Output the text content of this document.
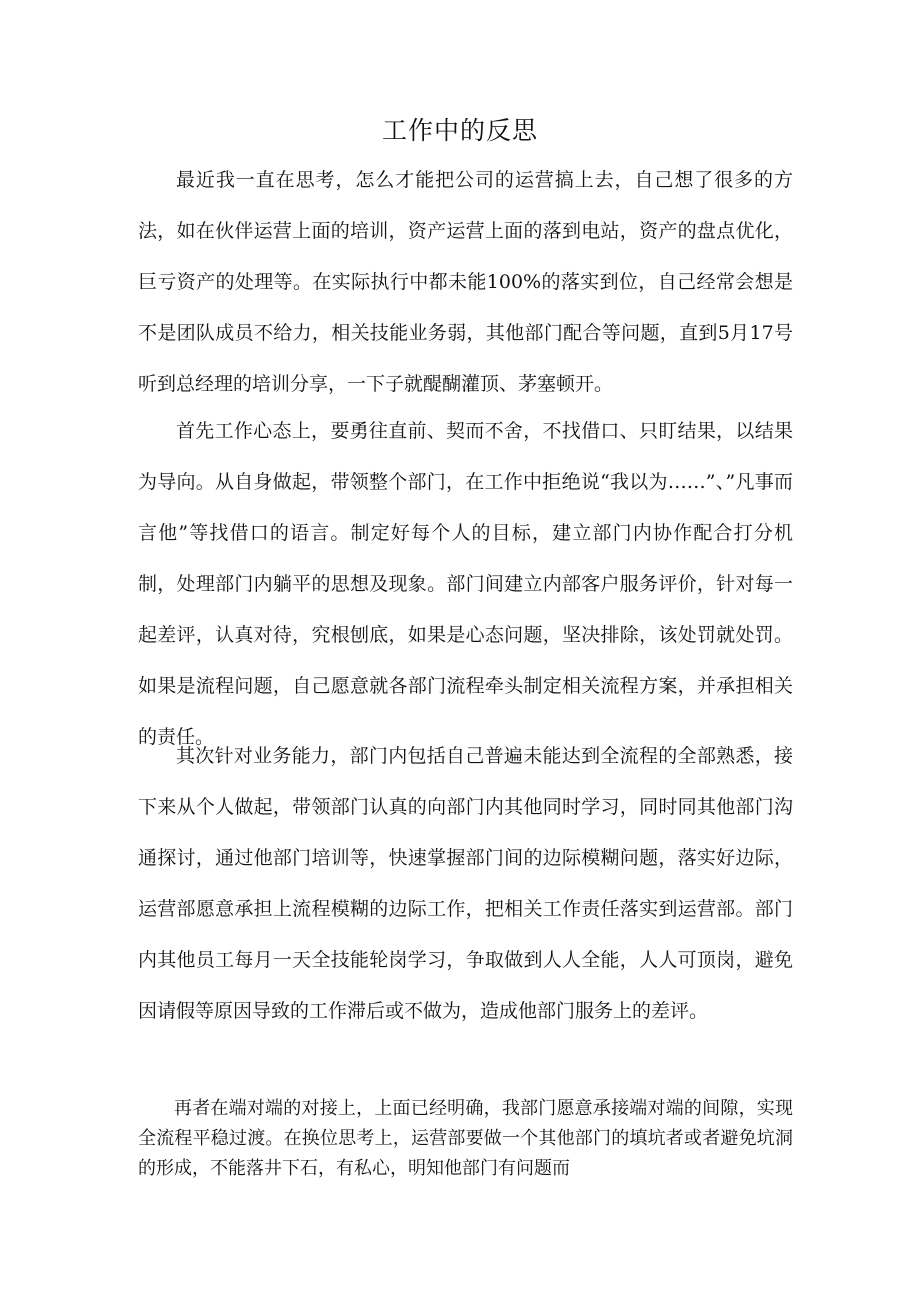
工作中的反思

最近我一直在思考，怎么才能把公司的运营搞上去，自己想了很多的方法，如在伙伴运营上面的培训，资产运营上面的落到电站，资产的盘点优化，巨亏资产的处理等。在实际执行中都未能100%的落实到位，自己经常会想是不是团队成员不给力，相关技能业务弱，其他部门配合等问题，直到5月17号听到总经理的培训分享，一下子就醍醐灌顶、茅塞顿开。

首先工作心态上，要勇往直前、契而不舍，不找借口、只盯结果，以结果为导向。从自身做起，带领整个部门，在工作中拒绝说“我以为……”、”凡事而言他”等找借口的语言。制定好每个人的目标，建立部门内协作配合打分机制，处理部门内躺平的思想及现象。部门间建立内部客户服务评价，针对每一起差评，认真对待，究根刨底，如果是心态问题，坚决排除，该处罚就处罚。如果是流程问题，自己愿意就各部门流程牵头制定相关流程方案，并承担相关的责任。

其次针对业务能力，部门内包括自己普遍未能达到全流程的全部熟悉，接下来从个人做起，带领部门认真的向部门内其他同时学习，同时同其他部门沟通探讨，通过他部门培训等，快速掌握部门间的边际模糊问题，落实好边际，运营部愿意承担上流程模糊的边际工作，把相关工作责任落实到运营部。部门内其他员工每月一天全技能轮岗学习，争取做到人人全能，人人可顶岗，避免因请假等原因导致的工作滞后或不做为，造成他部门服务上的差评。

再者在端对端的对接上，上面已经明确，我部门愿意承接端对端的间隙，实现全流程平稳过渡。在换位思考上，运营部要做一个其他部门的填坑者或者避免坑洞的形成，不能落井下石，有私心，明知他部门有问题而
